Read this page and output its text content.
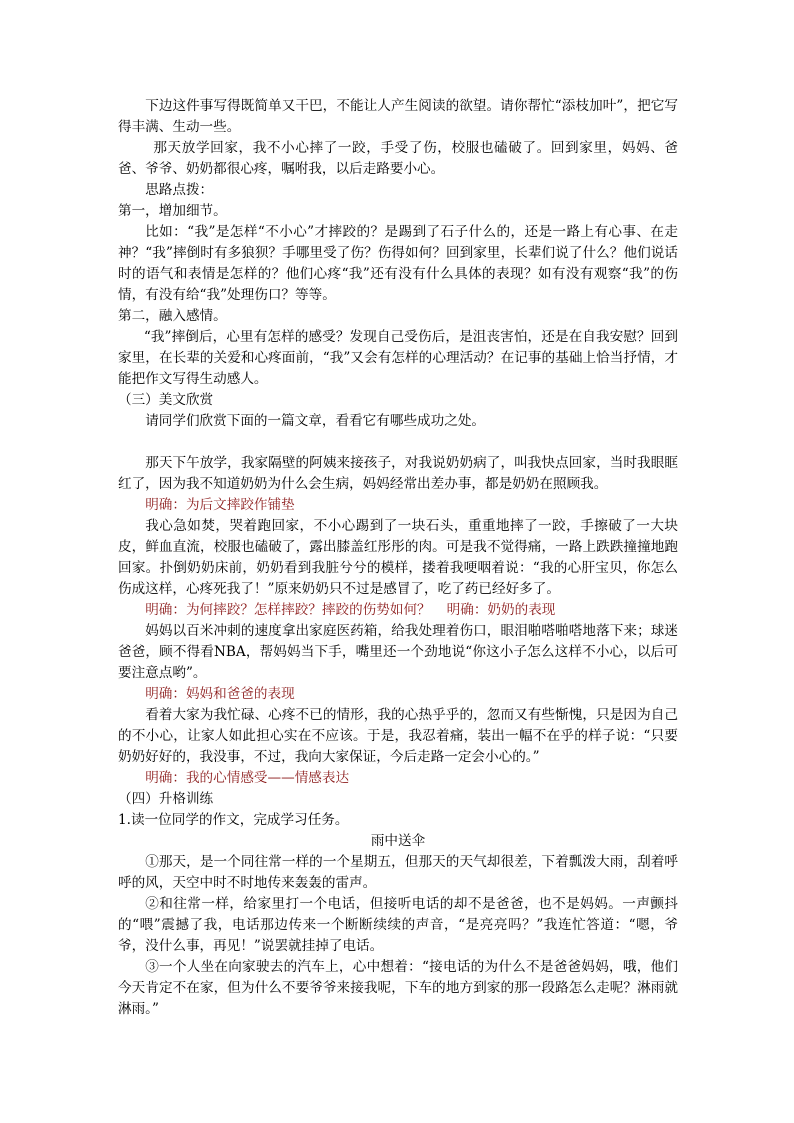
下边这件事写得既简单又干巴，不能让人产生阅读的欲望。请你帮忙“添枝加叶”，把它写得丰满、生动一些。

那天放学回家，我不小心摔了一跤，手受了伤，校服也磕破了。回到家里，妈妈、爸爸、爷爷、奶奶都很心疼，嘱咐我，以后走路要小心。

思路点拨：

第一，增加细节。

比如：“我”是怎样“不小心”才摔跤的？是踢到了石子什么的，还是一路上有心事、在走神？“我”摔倒时有多狼狈？手哪里受了伤？伤得如何？回到家里，长辈们说了什么？他们说话时的语气和表情是怎样的？他们心疼“我”还有没有什么具体的表现？如有没有观察“我”的伤情，有没有给“我”处理伤口？等等。

第二，融入感情。

“我”摔倒后，心里有怎样的感受？发现自己受伤后，是沮丧害怕，还是在自我安慰？回到家里，在长辈的关爱和心疼面前，“我”又会有怎样的心理活动？在记事的基础上恰当抒情，才能把作文写得生动感人。

（三）美文欣赏

请同学们欣赏下面的一篇文章，看看它有哪些成功之处。

那天下午放学，我家隔壁的阿姨来接孩子，对我说奶奶病了，叫我快点回家，当时我眼眶红了，因为我不知道奶奶为什么会生病，妈妈经常出差办事，都是奶奶在照顾我。

明确：为后文摔跤作铺垫

我心急如焚，哭着跑回家，不小心踢到了一块石头，重重地摔了一跤，手擦破了一大块皮，鲜血直流，校服也磕破了，露出膝盖红彤彤的肉。可是我不觉得痛，一路上跌跌撞撞地跑回家。扑倒奶奶床前，奶奶看到我脏兮兮的模样，搂着我哽咽着说：“我的心肝宝贝，你怎么伤成这样，心疼死我了！”原来奶奶只不过是感冒了，吃了药已经好多了。

明确：为何摔跤？怎样摔跤？摔跤的伤势如何？ 明确：奶奶的表现

妈妈以百米冲刺的速度拿出家庭医药箱，给我处理着伤口，眼泪啪嗒啪嗒地落下来；球迷爸爸，顾不得看NBA，帮妈妈当下手，嘴里还一个劲地说“你这小子怎么这样不小心，以后可要注意点哟”。

明确：妈妈和爸爸的表现

看着大家为我忙碌、心疼不已的情形，我的心热乎乎的，忽而又有些惭愧，只是因为自己的不小心，让家人如此担心实在不应该。于是，我忍着痛，装出一幅不在乎的样子说：“只要奶奶好好的，我没事，不过，我向大家保证，今后走路一定会小心的。”

明确：我的心情感受——情感表达

（四）升格训练

1.读一位同学的作文，完成学习任务。

雨中送伞

①那天，是一个同往常一样的一个星期五，但那天的天气却很差，下着瓢泼大雨，刮着呼呼的风，天空中时不时地传来轰轰的雷声。

②和往常一样，给家里打一个电话，但接听电话的却不是爸爸，也不是妈妈。一声颤抖的“喂”震撼了我，电话那边传来一个断断续续的声音，“是亮亮吗？”我连忙答道：“嗯，爷爷，没什么事，再见！”说罢就挂掉了电话。

③一个人坐在向家驶去的汽车上，心中想着：“接电话的为什么不是爸爸妈妈，哦，他们今天肯定不在家，但为什么不要爷爷来接我呢，下车的地方到家的那一段路怎么走呢？淋雨就淋雨。”
